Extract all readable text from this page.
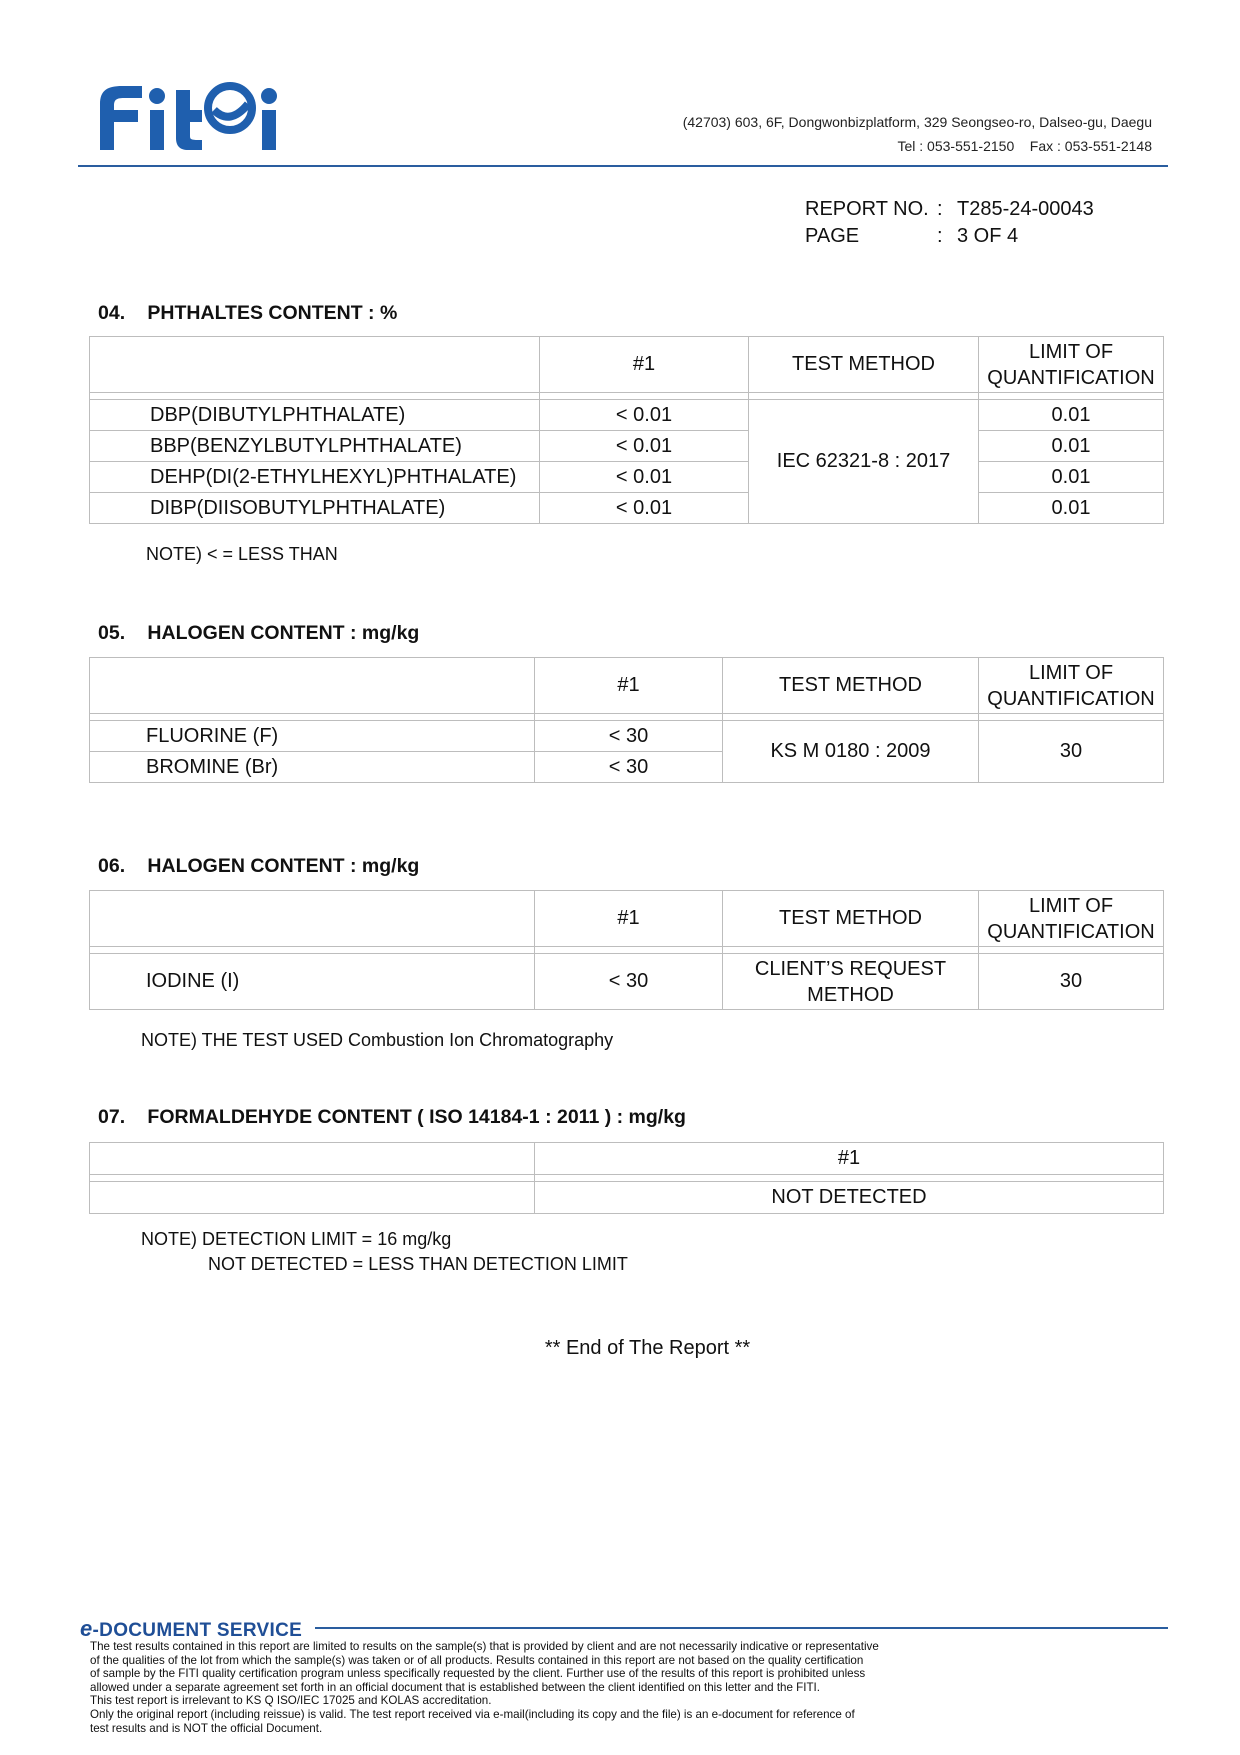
(42703) 603, 6F, Dongwonbizplatform, 329 Seongseo-ro, Dalseo-gu, Daegu
Tel : 053-551-2150    Fax : 053-551-2148
REPORT NO. : T285-24-00043
PAGE	: 3 OF 4
04. PHTHALTES CONTENT : %
	#1	TEST METHOD	LIMIT OF QUANTIFICATION

DBP(DIBUTYLPHTHALATE)	< 0.01	IEC 62321-8 : 2017	0.01
BBP(BENZYLBUTYLPHTHALATE)	< 0.01		0.01
DEHP(DI(2-ETHYLHEXYL)PHTHALATE)	< 0.01		0.01
DIBP(DIISOBUTYLPHTHALATE)	< 0.01		0.01
NOTE) < = LESS THAN
05. HALOGEN CONTENT : mg/kg
	#1	TEST METHOD	LIMIT OF QUANTIFICATION

FLUORINE (F)	< 30	KS M 0180 : 2009	30
BROMINE (Br)	< 30		
06. HALOGEN CONTENT : mg/kg
	#1	TEST METHOD	LIMIT OF QUANTIFICATION

IODINE (I)	< 30	CLIENT’S REQUEST METHOD	30
NOTE) THE TEST USED Combustion Ion Chromatography
07. FORMALDEHYDE CONTENT ( ISO 14184-1 : 2011 ) : mg/kg
	#1

	NOT DETECTED
NOTE) DETECTION LIMIT = 16 mg/kg
NOT DETECTED = LESS THAN DETECTION LIMIT
** End of The Report **
e-DOCUMENT SERVICE
The test results contained in this report are limited to results on the sample(s) that is provided by client and are not necessarily indicative or representative
of the qualities of the lot from which the sample(s) was taken or of all products. Results contained in this report are not based on the quality certification
of sample by the FITI quality certification program unless specifically requested by the client. Further use of the results of this report is prohibited unless
allowed under a separate agreement set forth in an official document that is established between the client identified on this letter and the FITI.
This test report is irrelevant to KS Q ISO/IEC 17025 and KOLAS accreditation.
Only the original report (including reissue) is valid. The test report received via e-mail(including its copy and the file) is an e-document for reference of
test results and is NOT the official Document.
